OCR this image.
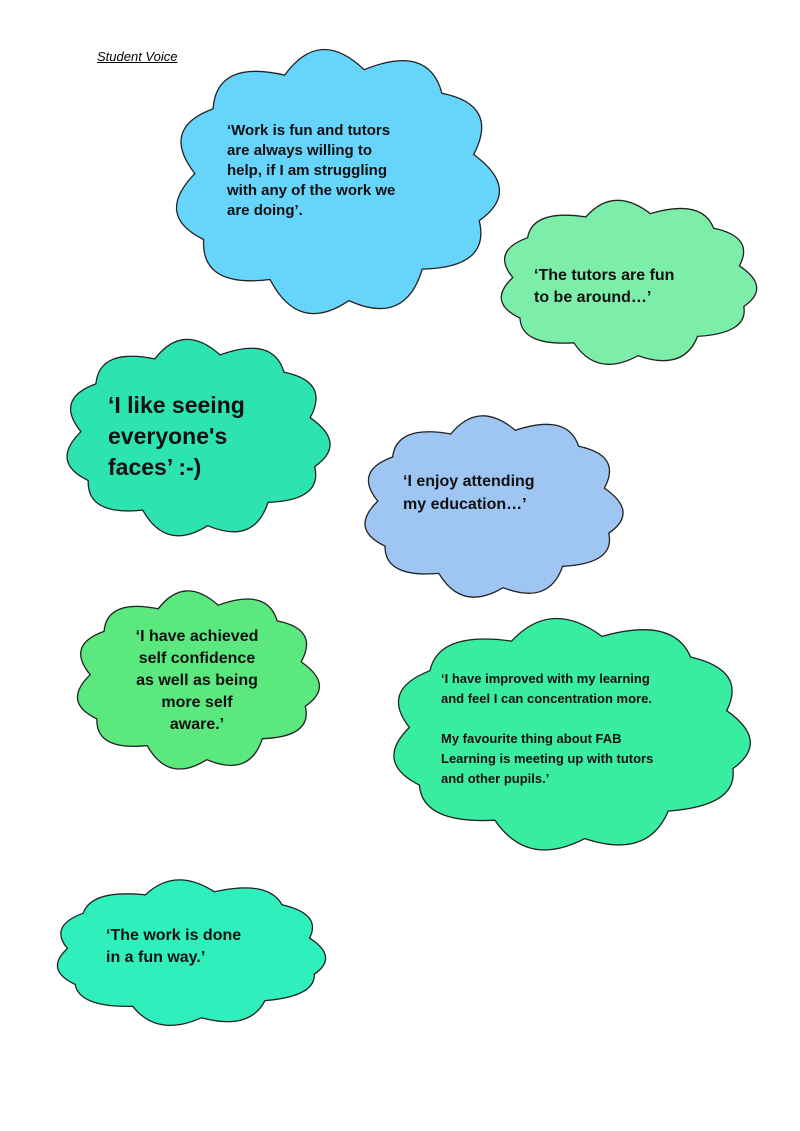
Student Voice
‘Work is fun and tutors
are always willing to
help, if I am struggling
with any of the work we
are doing’.
‘The tutors are fun
to be around…’
‘I like seeing
everyone's
faces’ :-)
‘I enjoy attending
my education…’
‘I have achieved
self confidence
as well as being
more self
aware.’
‘I have improved with my learning
and feel I can concentration more.

My favourite thing about FAB
Learning is meeting up with tutors
and other pupils.’
‘The work is done
in a fun way.’
